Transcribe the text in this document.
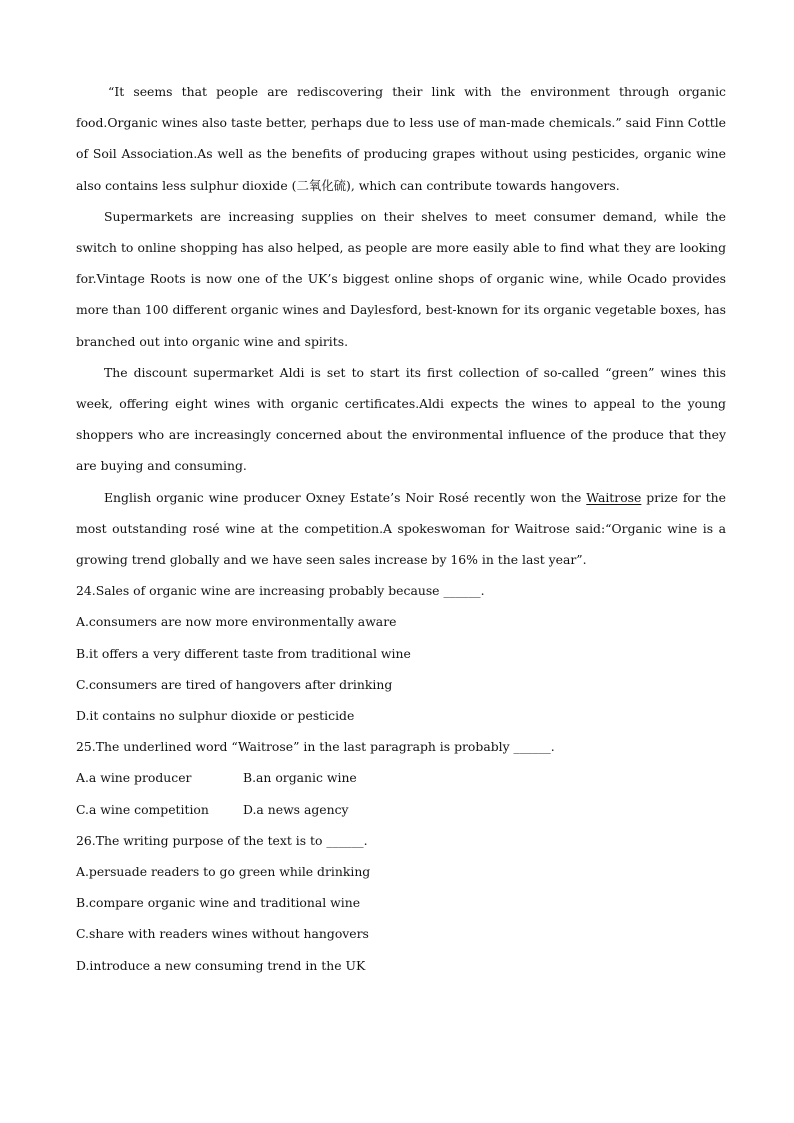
“It seems that people are rediscovering their link with the environment through organic food.Organic wines also taste better, perhaps due to less use of man-made chemicals.” said Finn Cottle of Soil Association.As well as the benefits of producing grapes without using pesticides, organic wine also contains less sulphur dioxide (二氧化硫), which can contribute towards hangovers.

Supermarkets are increasing supplies on their shelves to meet consumer demand, while the switch to online shopping has also helped, as people are more easily able to find what they are looking for.Vintage Roots is now one of the UK’s biggest online shops of organic wine, while Ocado provides more than 100 different organic wines and Daylesford, best-known for its organic vegetable boxes, has branched out into organic wine and spirits.

The discount supermarket Aldi is set to start its first collection of so-called “green” wines this week, offering eight wines with organic certificates.Aldi expects the wines to appeal to the young shoppers who are increasingly concerned about the environmental influence of the produce that they are buying and consuming.

English organic wine producer Oxney Estate’s Noir Rosé recently won the Waitrose prize for the most outstanding rosé wine at the competition.A spokeswoman for Waitrose said:“Organic wine is a growing trend globally and we have seen sales increase by 16% in the last year”.

24.Sales of organic wine are increasing probably because ______.

A.consumers are now more environmentally aware

B.it offers a very different taste from traditional wine

C.consumers are tired of hangovers after drinking

D.it contains no sulphur dioxide or pesticide

25.The underlined word “Waitrose” in the last paragraph is probably ______.

A.a wine producer	B.an organic wine
C.a wine competition	D.a news agency

26.The writing purpose of the text is to ______.

A.persuade readers to go green while drinking

B.compare organic wine and traditional wine

C.share with readers wines without hangovers

D.introduce a new consuming trend in the UK
